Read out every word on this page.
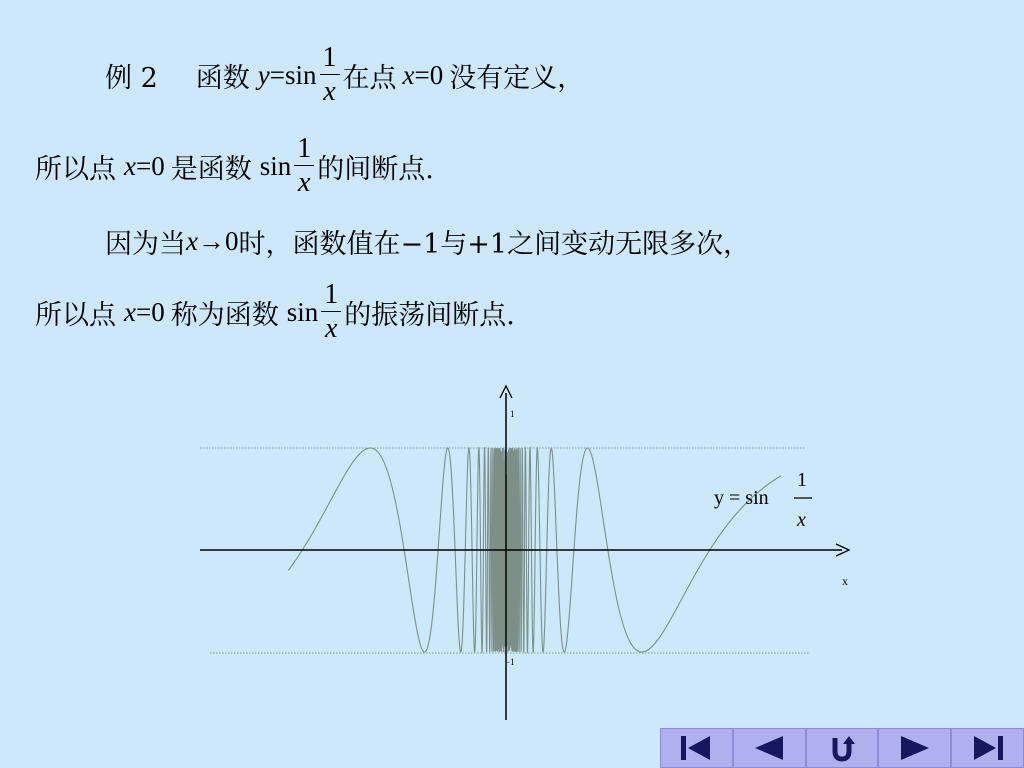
例 2 函数 $y =\sin \frac{1}{x}$ 在点 x =0 没有定义，
所以点 x =0 是函数 $\sin \frac{1}{x}$ 的间断点.
因为当 x →0 时，函数值在−1与+1之间变动无限多次，
所以点 x =0 称为函数 $\sin \frac{1}{x}$ 的振荡间断点.
1
−1
x
y = sin
1
x
